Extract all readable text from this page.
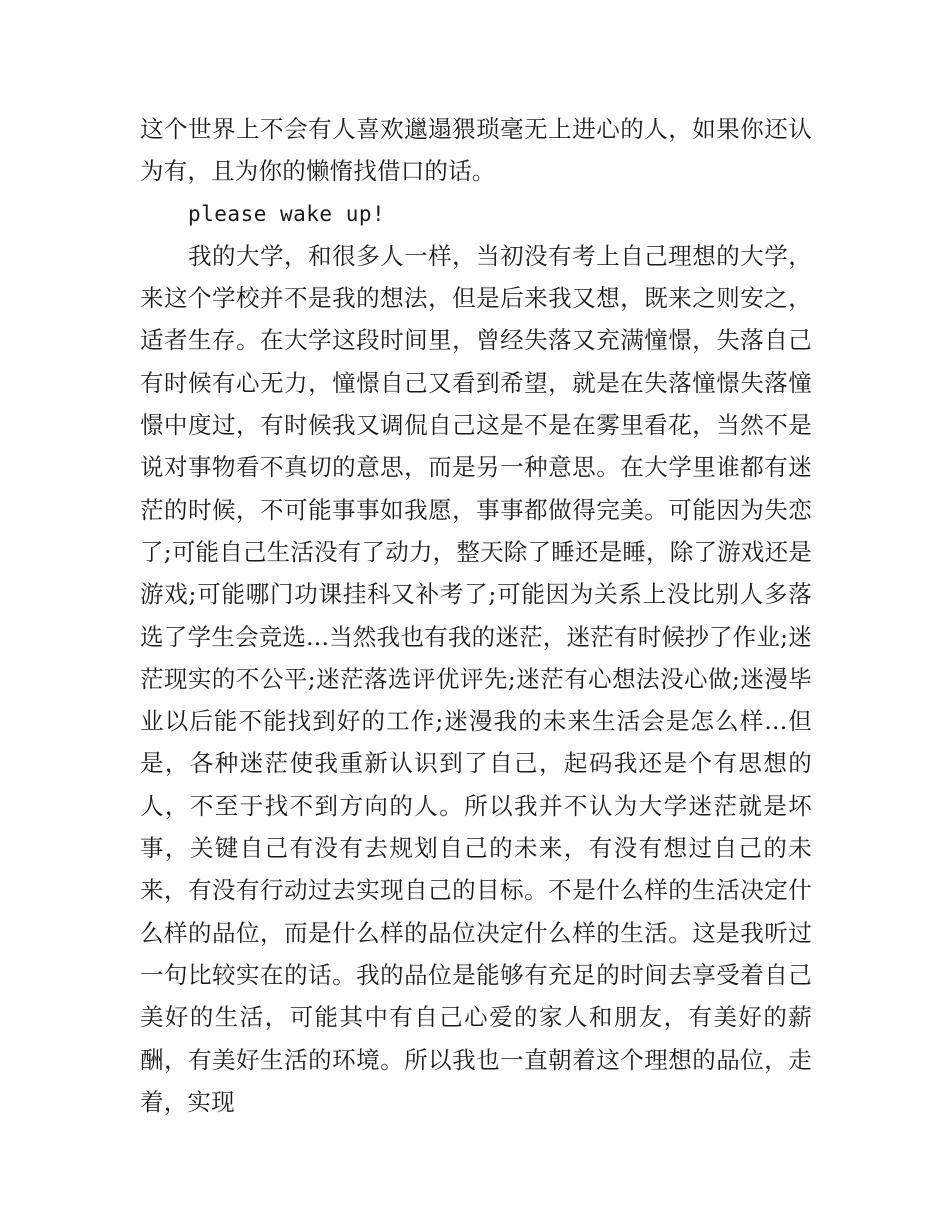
这个世界上不会有人喜欢邋遢猥琐毫无上进心的人，如果你还认为有，且为你的懒惰找借口的话。

please wake up!

我的大学，和很多人一样，当初没有考上自己理想的大学，来这个学校并不是我的想法，但是后来我又想，既来之则安之，适者生存。在大学这段时间里，曾经失落又充满憧憬，失落自己有时候有心无力，憧憬自己又看到希望，就是在失落憧憬失落憧憬中度过，有时候我又调侃自己这是不是在雾里看花，当然不是说对事物看不真切的意思，而是另一种意思。在大学里谁都有迷茫的时候，不可能事事如我愿，事事都做得完美。可能因为失恋了;可能自己生活没有了动力，整天除了睡还是睡，除了游戏还是游戏;可能哪门功课挂科又补考了;可能因为关系上没比别人多落选了学生会竞选...当然我也有我的迷茫，迷茫有时候抄了作业;迷茫现实的不公平;迷茫落选评优评先;迷茫有心想法没心做;迷漫毕业以后能不能找到好的工作;迷漫我的未来生活会是怎么样...但是，各种迷茫使我重新认识到了自己，起码我还是个有思想的人，不至于找不到方向的人。所以我并不认为大学迷茫就是坏事，关键自己有没有去规划自己的未来，有没有想过自己的未来，有没有行动过去实现自己的目标。不是什么样的生活决定什么样的品位，而是什么样的品位决定什么样的生活。这是我听过一句比较实在的话。我的品位是能够有充足的时间去享受着自己美好的生活，可能其中有自己心爱的家人和朋友，有美好的薪酬，有美好生活的环境。所以我也一直朝着这个理想的品位，走着，实现
